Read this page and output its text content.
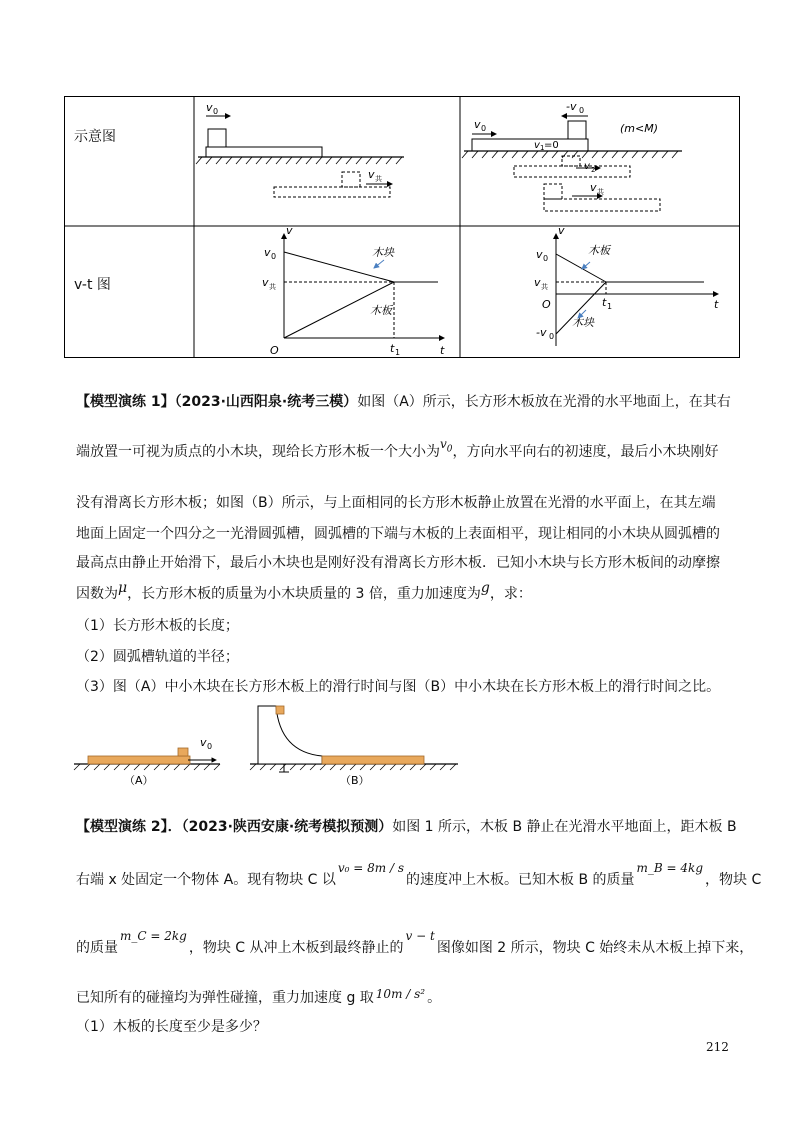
示意图
v-t 图
v 0
v 共
-v 0
(m<M)
v 0
v 1 =0
v 2
v 共
v
t
O
v 0
v 共
t 1
木块
木板
v
t
O
v 0
v 共
-v 0
t 1
木板
木块
【模型演练 1】（2023·山西阳泉·统考三模）如图（A）所示，长方形木板放在光滑的水平地面上，在其右
端放置一可视为质点的小木块，现给长方形木板一个大小为$v_0$，方向水平向右的初速度，最后小木块刚好
没有滑离长方形木板；如图（B）所示，与上面相同的长方形木板静止放置在光滑的水平面上，在其左端
地面上固定一个四分之一光滑圆弧槽，圆弧槽的下端与木板的上表面相平，现让相同的小木块从圆弧槽的
最高点由静止开始滑下，最后小木块也是刚好没有滑离长方形木板．已知小木块与长方形木板间的动摩擦
因数为μ，长方形木板的质量为小木块质量的 3 倍，重力加速度为g，求：
（1）长方形木板的长度；
（2）圆弧槽轨道的半径；
（3）图（A）中小木块在长方形木板上的滑行时间与图（B）中小木块在长方形木板上的滑行时间之比。
v 0
（A）	（B）
【模型演练 2】．（2023·陕西安康·统考模拟预测）如图 1 所示，木板 B 静止在光滑水平地面上，距木板 B
右端 x 处固定一个物体 A。现有物块 C 以v₀ = 8m / s的速度冲上木板。已知木板 B 的质量m_B = 4kg，物块 C
的质量m_C = 2kg，物块 C 从冲上木板到最终静止的v − t图像如图 2 所示，物块 C 始终未从木板上掉下来，
已知所有的碰撞均为弹性碰撞，重力加速度 g 取 10m / s² 。
（1）木板的长度至少是多少？
212
